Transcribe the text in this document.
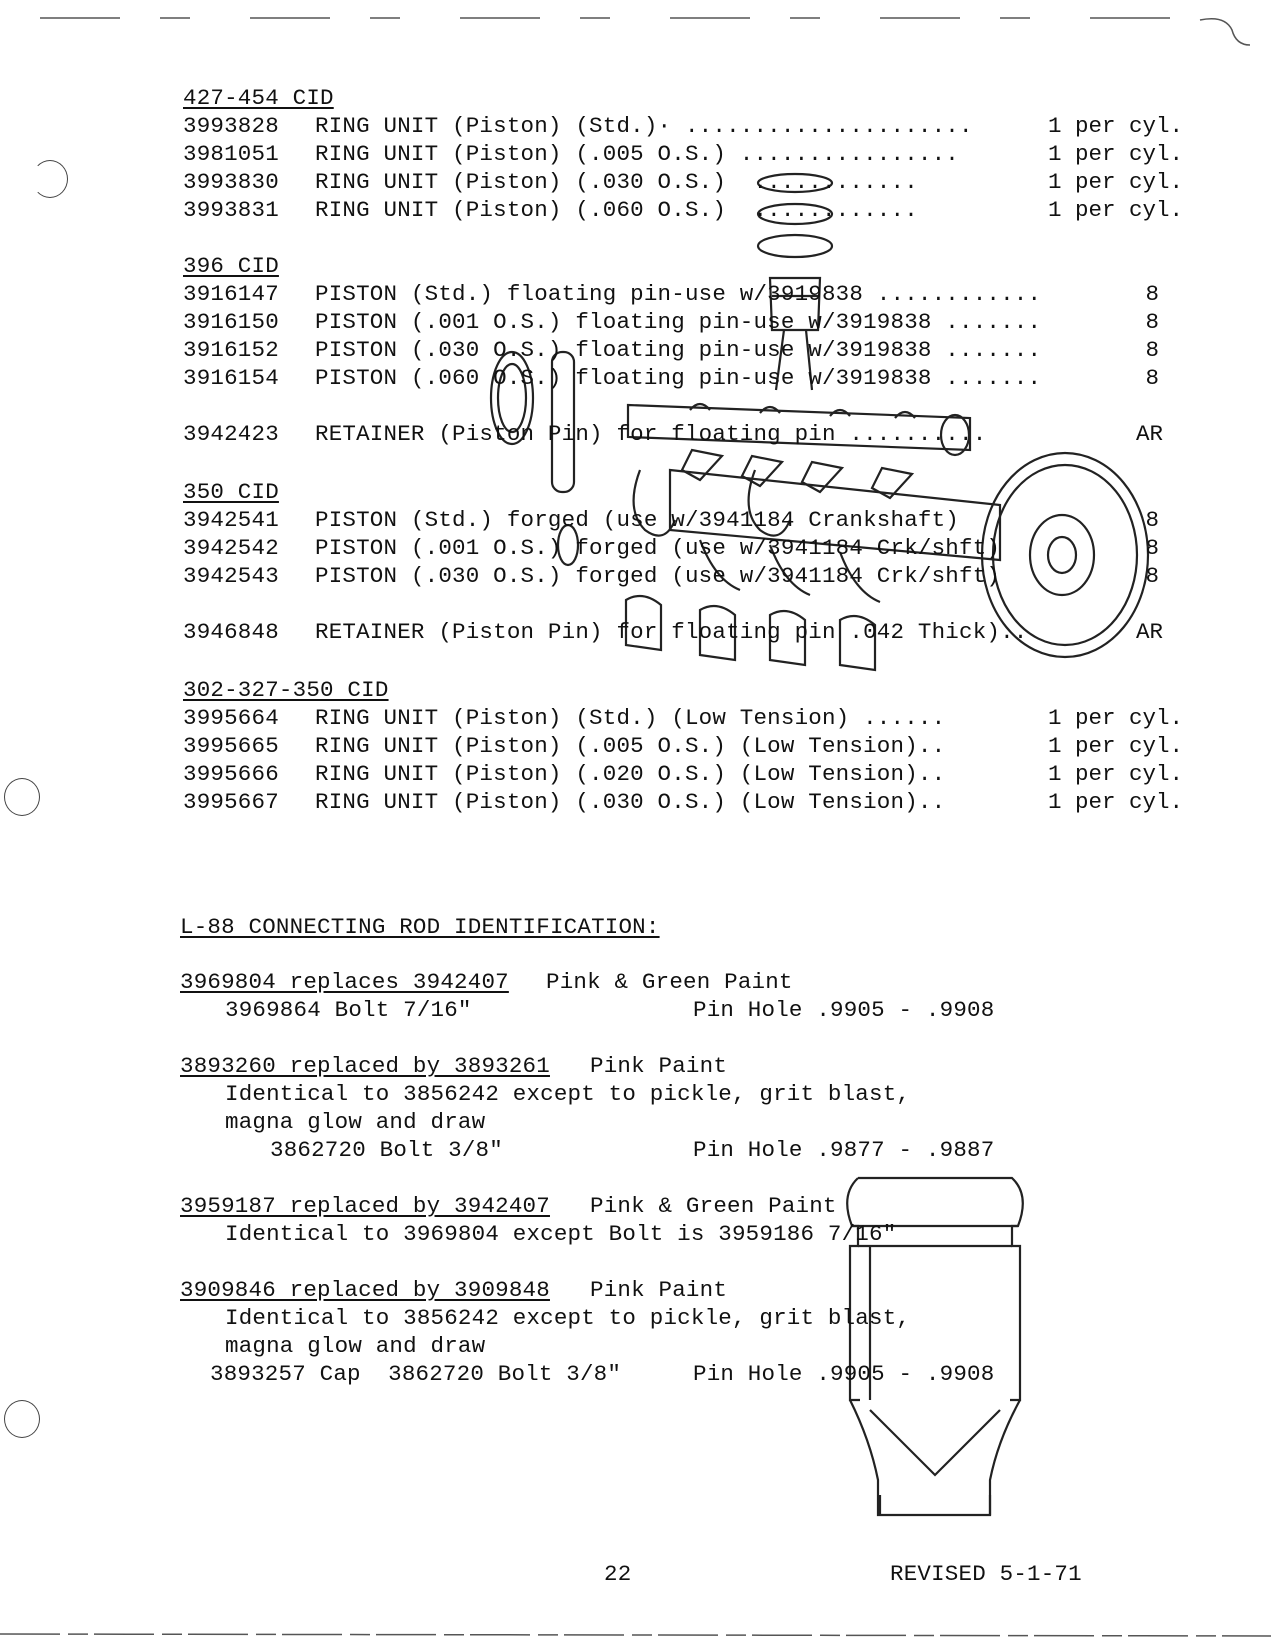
427-454 CID
3993828 RING UNIT (Piston) (Std.)· .....................	1 per cyl.
3981051 RING UNIT (Piston) (.005 O.S.) ................	1 per cyl.
3993830 RING UNIT (Piston) (.030 O.S.)  ............	1 per cyl.
3993831 RING UNIT (Piston) (.060 O.S.)  ............	1 per cyl.
396 CID
3916147 PISTON (Std.) floating pin-use w/3919838 ............	8
3916150 PISTON (.001 O.S.) floating pin-use w/3919838 .......	8
3916152 PISTON (.030 O.S.) floating pin-use w/3919838 .......	8
3916154 PISTON (.060 O.S.) floating pin-use w/3919838 .......	8
3942423 RETAINER (Piston Pin) for floating pin ..........	AR
350 CID
3942541 PISTON (Std.) forged (use w/3941184 Crankshaft)	8
3942542 PISTON (.001 O.S.) forged (use w/3941184 Crk/shft)	8
3942543 PISTON (.030 O.S.) forged (use w/3941184 Crk/shft)	8
3946848 RETAINER (Piston Pin) for floating pin .042 Thick)..	AR
302-327-350 CID
3995664 RING UNIT (Piston) (Std.) (Low Tension) ......	1 per cyl.
3995665 RING UNIT (Piston) (.005 O.S.) (Low Tension)..	1 per cyl.
3995666 RING UNIT (Piston) (.020 O.S.) (Low Tension)..	1 per cyl.
3995667 RING UNIT (Piston) (.030 O.S.) (Low Tension)..	1 per cyl.
L-88 CONNECTING ROD IDENTIFICATION:
3969804 replaces 3942407 Pink & Green Paint
3969864 Bolt 7/16"	Pin Hole .9905 - .9908
3893260 replaced by 3893261 Pink Paint
Identical to 3856242 except to pickle, grit blast,
magna glow and draw
3862720 Bolt 3/8"	Pin Hole .9877 - .9887
3959187 replaced by 3942407 Pink & Green Paint
Identical to 3969804 except Bolt is 3959186 7/16"
3909846 replaced by 3909848 Pink Paint
Identical to 3856242 except to pickle, grit blast,
magna glow and draw
3893257 Cap  3862720 Bolt 3/8"	Pin Hole .9905 - .9908
22	REVISED 5-1-71
